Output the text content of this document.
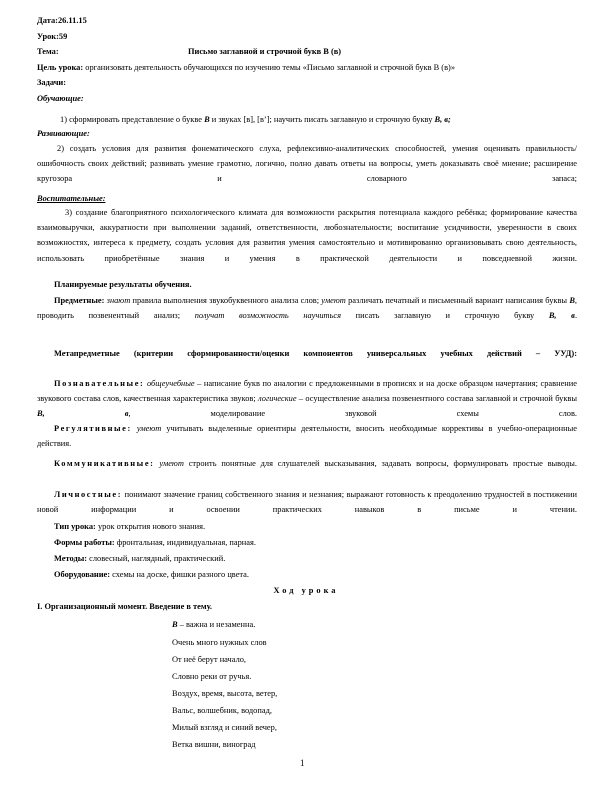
Дата:26.11.15
Урок:59
Тема:	Письмо заглавной и строчной букв В (в)
Цель урока: организовать деятельность обучающихся по изучению темы «Письмо заглавной и строчной букв В (в)»
Задачи:
Обучающие:
1) сформировать представление о букве В и звуках [в], [в’]; научить писать заглавную и строчную букву В, в;
Развивающие:
2) создать условия для развития фонематического слуха, рефлексивно-аналитических способностей, умения оценивать правильность/ошибочность своих действий; развивать умение грамотно, логично, полно давать ответы на вопросы, уметь доказывать своё мнение; расширение кругозора и словарного запаса;
Воспитательные:
3) создание благоприятного психологического климата для возможности раскрытия потенциала каждого ребёнка; формирование качества взаимовыручки, аккуратности при выполнении заданий, ответственности, любознательности; воспитание усидчивости, уверенности в своих возможностях, интереса к предмету, создать условия для развития умения самостоятельно и мотивированно организовывать свою деятельность, использовать приобретённые знания и умения в практической деятельности и повседневной жизни.
Планируемые результаты обучения.
Предметные: знают правила выполнения звукобуквенного анализа слов; умеют различать печатный и письменный вариант написания буквы В, проводить позвенентный анализ; получат возможность научиться писать заглавную и строчную букву В, в.
Метапредметные (критерии сформированности/оценки компонентов универсальных учебных действий – УУД):
Познавательные: общеучебные – написание букв по аналогии с предложенными в прописях и на доске образцом начертания; сравнение звукового состава слов, качественная характеристика звуков; логические – осуществление анализа позвенентного состава заглавной и строчной буквы В, в, моделирование звуковой схемы слов.
Регулятивные: умеют учитывать выделенные ориентиры деятельности, вносить необходимые коррективы в учебно-операционные действия.
Коммуникативные: умеют строить понятные для слушателей высказывания, задавать вопросы, формулировать простые выводы.
Личностные: понимают значение границ собственного знания и незнания; выражают готовность к преодолению трудностей в постижении новой информации и освоении практических навыков в письме и чтении.
Тип урока: урок открытия нового знания.
Формы работы: фронтальная, индивидуальная, парная.
Методы: словесный, наглядный, практический.
Оборудование: схемы на доске, фишки разного цвета.
Ход урока
I. Организационный момент. Введение в тему.
В – важна и незаменна.
Очень много нужных слов
От неё берут начало,
Словно реки от ручья.
Воздух, время, высота, ветер,
Вальс, волшебник, водопад,
Милый взгляд и синий вечер,
Ветка вишни, виноград
1
